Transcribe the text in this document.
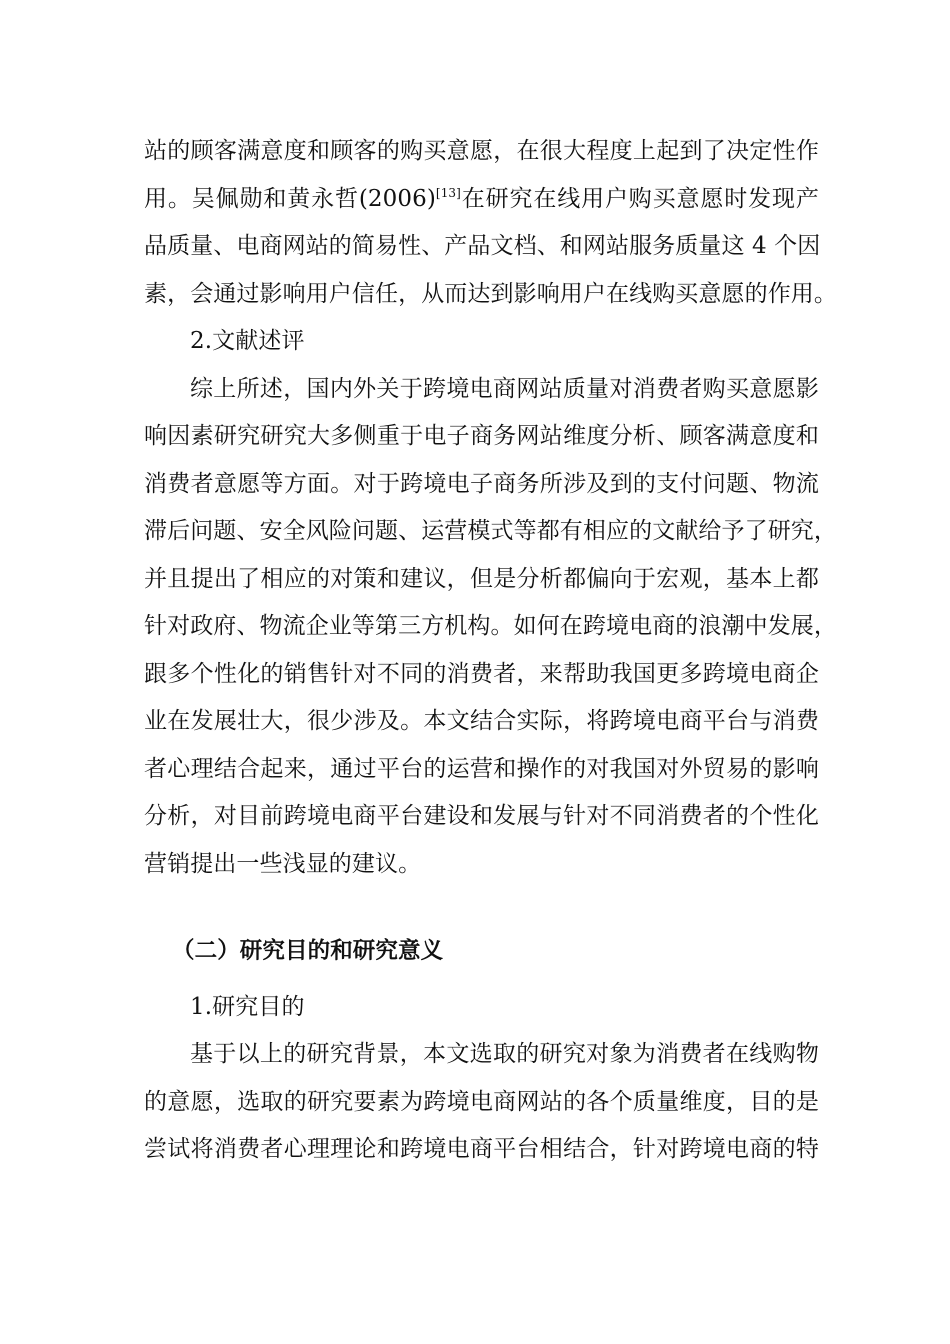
站的顾客满意度和顾客的购买意愿，在很大程度上起到了决定性作
用。吴佩勋和黄永哲(2006)[13]在研究在线用户购买意愿时发现产
品质量、电商网站的简易性、产品文档、和网站服务质量这 4 个因
素，会通过影响用户信任，从而达到影响用户在线购买意愿的作用。
2.文献述评
综上所述，国内外关于跨境电商网站质量对消费者购买意愿影
响因素研究研究大多侧重于电子商务网站维度分析、顾客满意度和
消费者意愿等方面。对于跨境电子商务所涉及到的支付问题、物流
滞后问题、安全风险问题、运营模式等都有相应的文献给予了研究，
并且提出了相应的对策和建议，但是分析都偏向于宏观，基本上都
针对政府、物流企业等第三方机构。如何在跨境电商的浪潮中发展，
跟多个性化的销售针对不同的消费者，来帮助我国更多跨境电商企
业在发展壮大，很少涉及。本文结合实际，将跨境电商平台与消费
者心理结合起来，通过平台的运营和操作的对我国对外贸易的影响
分析，对目前跨境电商平台建设和发展与针对不同消费者的个性化
营销提出一些浅显的建议。
（二）研究目的和研究意义
1.研究目的
基于以上的研究背景，本文选取的研究对象为消费者在线购物
的意愿，选取的研究要素为跨境电商网站的各个质量维度，目的是
尝试将消费者心理理论和跨境电商平台相结合，针对跨境电商的特
